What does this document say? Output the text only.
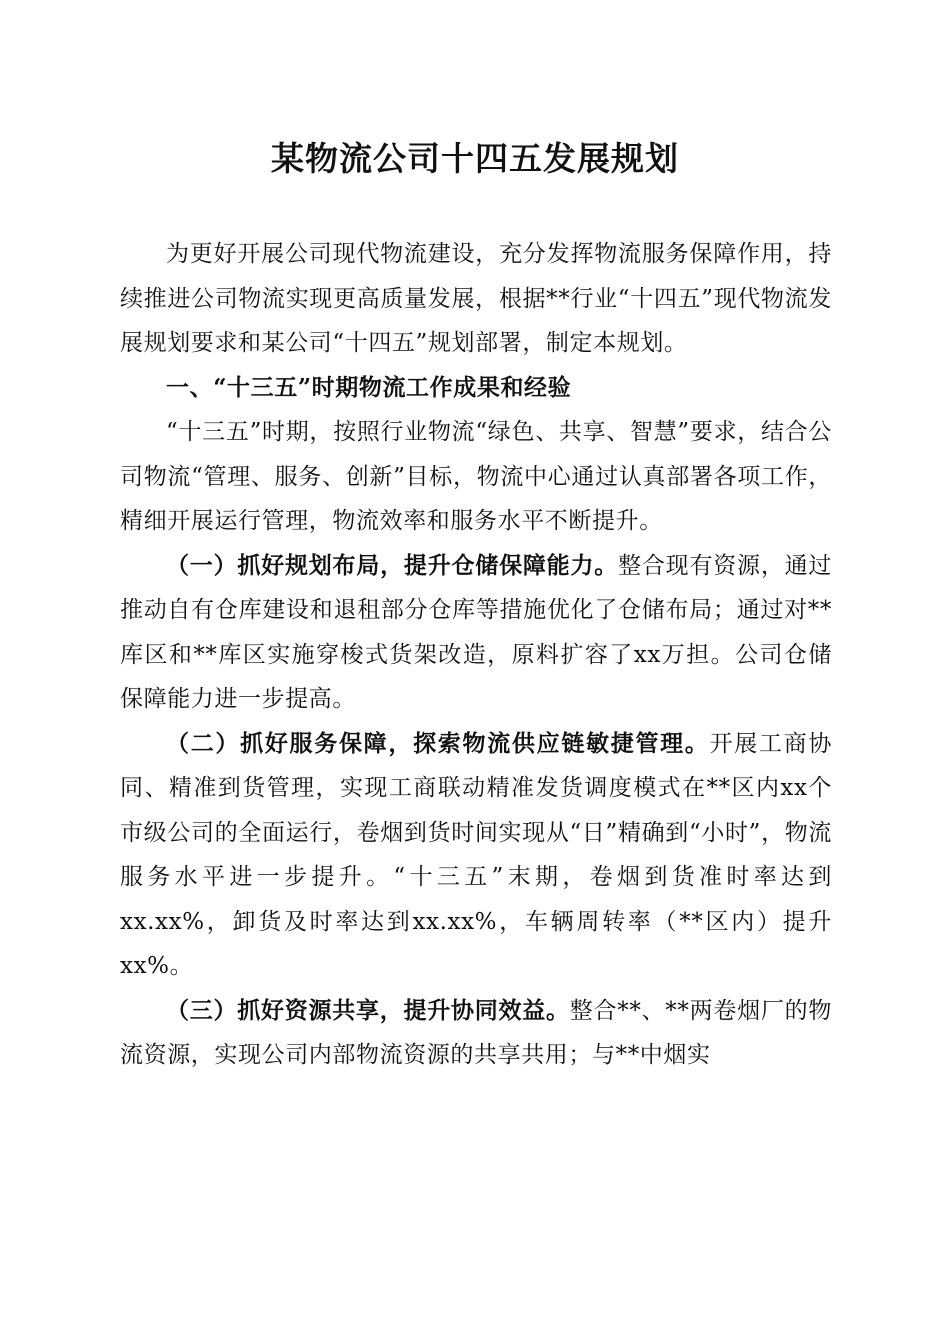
某物流公司十四五发展规划

为更好开展公司现代物流建设，充分发挥物流服务保障作用，持续推进公司物流实现更高质量发展，根据**行业“十四五”现代物流发展规划要求和某公司“十四五”规划部署，制定本规划。

一、“十三五”时期物流工作成果和经验

“十三五”时期，按照行业物流“绿色、共享、智慧”要求，结合公司物流“管理、服务、创新”目标，物流中心通过认真部署各项工作，精细开展运行管理，物流效率和服务水平不断提升。

（一）抓好规划布局，提升仓储保障能力。整合现有资源，通过推动自有仓库建设和退租部分仓库等措施优化了仓储布局；通过对**库区和**库区实施穿梭式货架改造，原料扩容了xx万担。公司仓储保障能力进一步提高。

（二）抓好服务保障，探索物流供应链敏捷管理。开展工商协同、精准到货管理，实现工商联动精准发货调度模式在**区内xx个市级公司的全面运行，卷烟到货时间实现从“日”精确到“小时”，物流服务水平进一步提升。“十三五”末期，卷烟到货准时率达到xx.xx%，卸货及时率达到xx.xx%，车辆周转率（**区内）提升xx%。

（三）抓好资源共享，提升协同效益。整合**、**两卷烟厂的物流资源，实现公司内部物流资源的共享共用；与**中烟实
